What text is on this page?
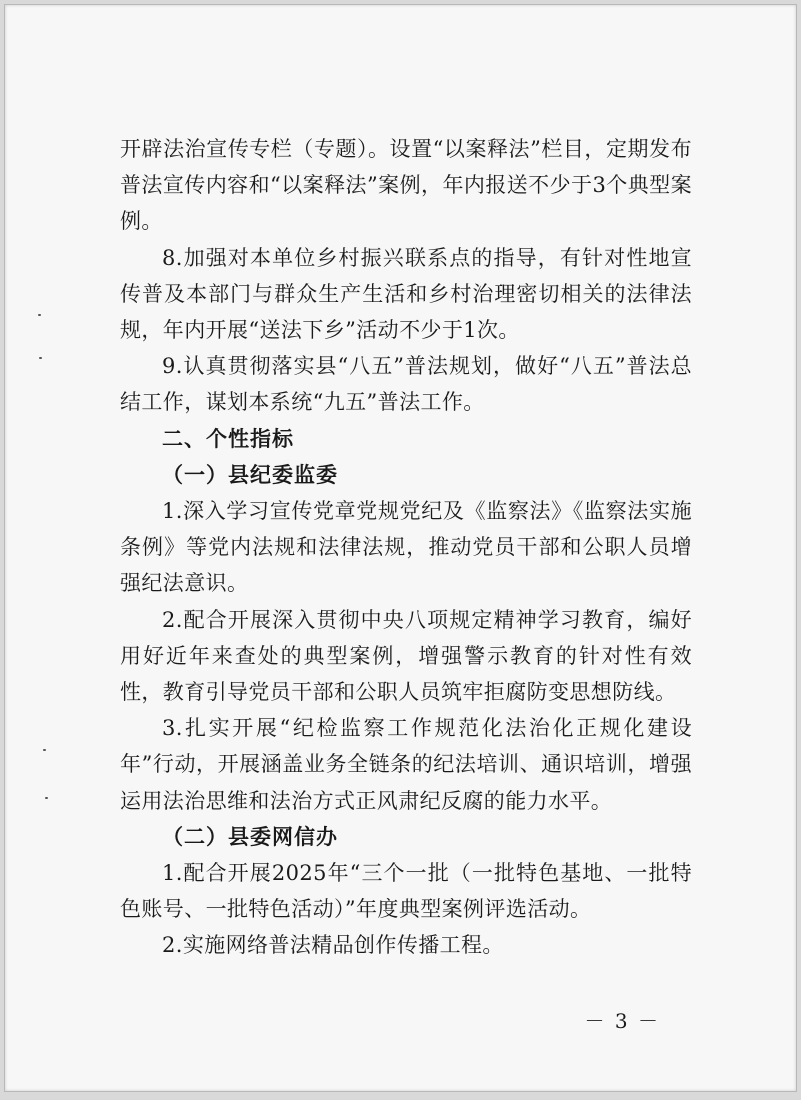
开辟法治宣传专栏（专题）。设置“以案释法”栏目，定期发布普法宣传内容和“以案释法”案例，年内报送不少于3个典型案例。

8.加强对本单位乡村振兴联系点的指导，有针对性地宣传普及本部门与群众生产生活和乡村治理密切相关的法律法规，年内开展“送法下乡”活动不少于1次。

9.认真贯彻落实县“八五”普法规划，做好“八五”普法总结工作，谋划本系统“九五”普法工作。

二、个性指标

（一）县纪委监委

1.深入学习宣传党章党规党纪及《监察法》《监察法实施条例》等党内法规和法律法规，推动党员干部和公职人员增强纪法意识。

2.配合开展深入贯彻中央八项规定精神学习教育，编好用好近年来查处的典型案例，增强警示教育的针对性有效性，教育引导党员干部和公职人员筑牢拒腐防变思想防线。

3.扎实开展“纪检监察工作规范化法治化正规化建设年”行动，开展涵盖业务全链条的纪法培训、通识培训，增强运用法治思维和法治方式正风肃纪反腐的能力水平。

（二）县委网信办

1.配合开展2025年“三个一批（一批特色基地、一批特色账号、一批特色活动）”年度典型案例评选活动。

2.实施网络普法精品创作传播工程。

－ 3 －
